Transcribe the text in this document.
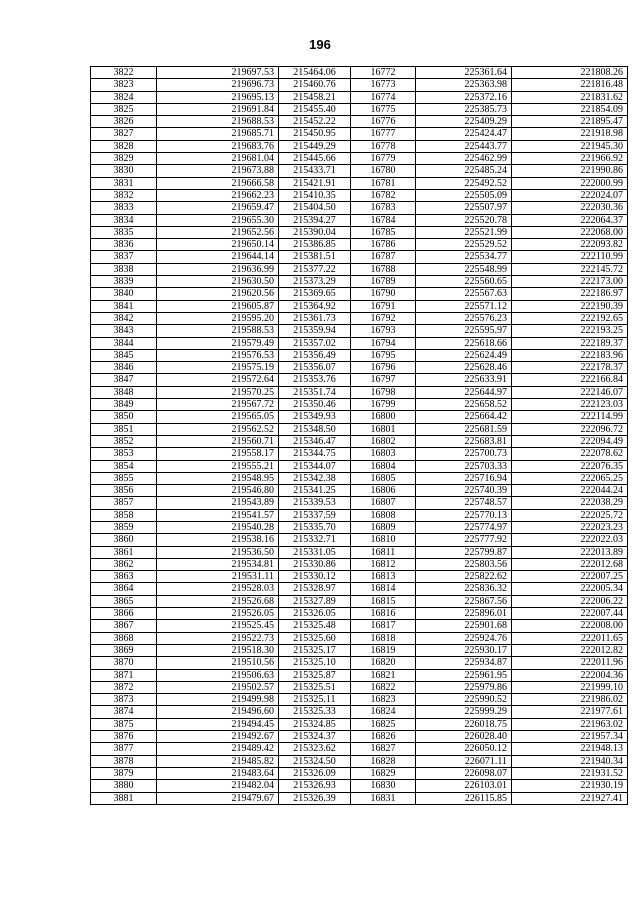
196
3822	219697.53	215464.06	16772	225361.64	221808.26
3823	219696.73	215460.76	16773	225363.98	221816.48
3824	219695.13	215458.21	16774	225372.16	221831.62
3825	219691.84	215455.40	16775	225385.73	221854.09
3826	219688.53	215452.22	16776	225409.29	221895.47
3827	219685.71	215450.95	16777	225424.47	221918.98
3828	219683.76	215449.29	16778	225443.77	221945.30
3829	219681.04	215445.66	16779	225462.99	221966.92
3830	219673.88	215433.71	16780	225485.24	221990.86
3831	219666.58	215421.91	16781	225492.52	222000.99
3832	219662.23	215410.35	16782	225505.09	222024.07
3833	219659.47	215404.50	16783	225507.97	222030.36
3834	219655.30	215394.27	16784	225520.78	222064.37
3835	219652.56	215390.04	16785	225521.99	222068.00
3836	219650.14	215386.85	16786	225529.52	222093.82
3837	219644.14	215381.51	16787	225534.77	222110.99
3838	219636.99	215377.22	16788	225548.99	222145.72
3839	219630.50	215373.29	16789	225560.65	222173.00
3840	219620.56	215369.65	16790	225567.63	222186.97
3841	219605.87	215364.92	16791	225571.12	222190.39
3842	219595.20	215361.73	16792	225576.23	222192.65
3843	219588.53	215359.94	16793	225595.97	222193.25
3844	219579.49	215357.02	16794	225618.66	222189.37
3845	219576.53	215356.49	16795	225624.49	222183.96
3846	219575.19	215356.07	16796	225628.46	222178.37
3847	219572.64	215353.76	16797	225633.91	222166.84
3848	219570.25	215351.74	16798	225644.97	222146.07
3849	219567.72	215350.46	16799	225658.52	222123.03
3850	219565.05	215349.93	16800	225664.42	222114.99
3851	219562.52	215348.50	16801	225681.59	222096.72
3852	219560.71	215346.47	16802	225683.81	222094.49
3853	219558.17	215344.75	16803	225700.73	222078.62
3854	219555.21	215344.07	16804	225703.33	222076.35
3855	219548.95	215342.38	16805	225716.94	222065.25
3856	219546.80	215341.25	16806	225740.39	222044.24
3857	219543.89	215339.53	16807	225748.57	222038.29
3858	219541.57	215337.59	16808	225770.13	222025.72
3859	219540.28	215335.70	16809	225774.97	222023.23
3860	219538.16	215332.71	16810	225777.92	222022.03
3861	219536.50	215331.05	16811	225799.87	222013.89
3862	219534.81	215330.86	16812	225803.56	222012.68
3863	219531.11	215330.12	16813	225822.62	222007.25
3864	219528.03	215328.97	16814	225836.32	222005.34
3865	219526.68	215327.89	16815	225867.56	222006.22
3866	219526.05	215326.05	16816	225896.01	222007.44
3867	219525.45	215325.48	16817	225901.68	222008.00
3868	219522.73	215325.60	16818	225924.76	222011.65
3869	219518.30	215325.17	16819	225930.17	222012.82
3870	219510.56	215325.10	16820	225934.87	222011.96
3871	219506.63	215325.87	16821	225961.95	222004.36
3872	219502.57	215325.51	16822	225979.86	221999.10
3873	219499.98	215325.11	16823	225990.52	221986.02
3874	219496.60	215325.33	16824	225999.29	221977.61
3875	219494.45	215324.85	16825	226018.75	221963.02
3876	219492.67	215324.37	16826	226028.40	221957.34
3877	219489.42	215323.62	16827	226050.12	221948.13
3878	219485.82	215324.50	16828	226071.11	221940.34
3879	219483.64	215326.09	16829	226098.07	221931.52
3880	219482.04	215326.93	16830	226103.01	221930.19
3881	219479.67	215326.39	16831	226115.85	221927.41
